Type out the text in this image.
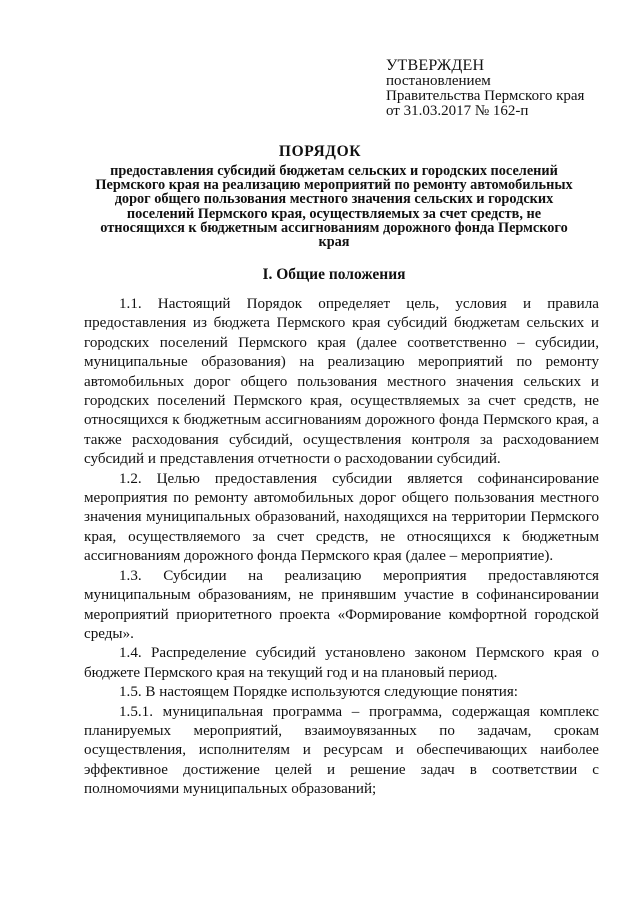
УТВЕРЖДЕН
постановлением
Правительства Пермского края
от 31.03.2017 № 162-п
ПОРЯДОК
предоставления субсидий бюджетам сельских и городских поселений Пермского края на реализацию мероприятий по ремонту автомобильных дорог общего пользования местного значения сельских и городских поселений Пермского края, осуществляемых за счет средств, не относящихся к бюджетным ассигнованиям дорожного фонда Пермского края
I. Общие положения

1.1. Настоящий Порядок определяет цель, условия и правила предоставления из бюджета Пермского края субсидий бюджетам сельских и городских поселений Пермского края (далее соответственно – субсидии, муниципальные образования) на реализацию мероприятий по ремонту автомобильных дорог общего пользования местного значения сельских и городских поселений Пермского края, осуществляемых за счет средств, не относящихся к бюджетным ассигнованиям дорожного фонда Пермского края, а также расходования субсидий, осуществления контроля за расходованием субсидий и представления отчетности о расходовании субсидий.

1.2. Целью предоставления субсидии является софинансирование мероприятия по ремонту автомобильных дорог общего пользования местного значения муниципальных образований, находящихся на территории Пермского края, осуществляемого за счет средств, не относящихся к бюджетным ассигнованиям дорожного фонда Пермского края (далее – мероприятие).

1.3. Субсидии на реализацию мероприятия предоставляются муниципальным образованиям, не принявшим участие в софинансировании мероприятий приоритетного проекта «Формирование комфортной городской среды».

1.4. Распределение субсидий установлено законом Пермского края о бюджете Пермского края на текущий год и на плановый период.

1.5. В настоящем Порядке используются следующие понятия:

1.5.1. муниципальная программа – программа, содержащая комплекс планируемых мероприятий, взаимоувязанных по задачам, срокам осуществления, исполнителям и ресурсам и обеспечивающих наиболее эффективное достижение целей и решение задач в соответствии с полномочиями муниципальных образований;
